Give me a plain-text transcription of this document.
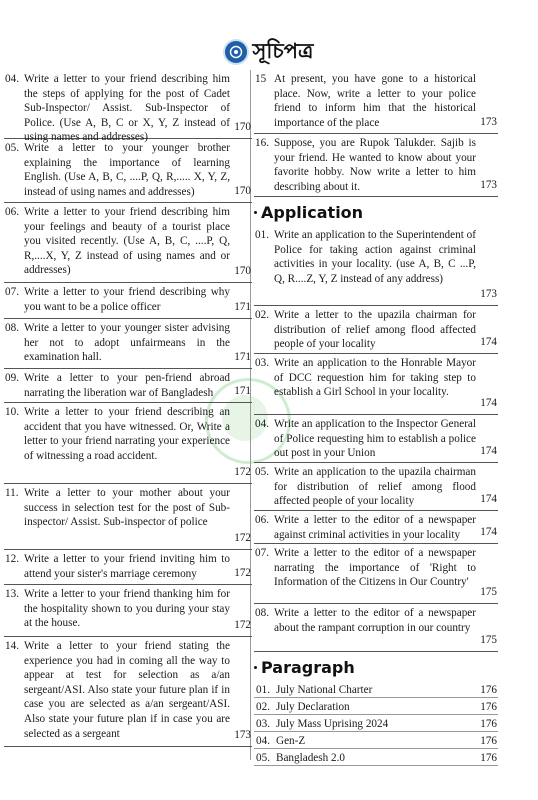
সূচিপত্র
04. Write a letter to your friend describing him the steps of applying for the post of Cadet Sub-Inspector/ Assist. Sub-Inspector of Police. (Use A, B, C or X, Y, Z instead of using names and addresses)
170
05. Write a letter to your younger brother explaining the importance of learning English. (Use A, B, C, ....P, Q, R,..... X, Y, Z, instead of using names and addresses)	170
06. Write a letter to your friend describing him your feelings and beauty of a tourist place you visited recently. (Use A, B, C, ....P, Q, R,....X, Y, Z instead of using names and or addresses)	170
07. Write a letter to your friend describing why you want to be a police officer	171
08. Write a letter to your younger sister advising her not to adopt unfairmeans in the examination hall.	171
09. Write a letter to your pen-friend abroad narrating the liberation war of Bangladesh	171
10. Write a letter to your friend describing an accident that you have witnessed. Or, Write a letter to your friend narrating your experience of witnessing a road accident.
172
11. Write a letter to your mother about your success in selection test for the post of Sub-inspector/ Assist. Sub-inspector of police
172
12. Write a letter to your friend inviting him to attend your sister's marriage ceremony	172
13. Write a letter to your friend thanking him for the hospitality shown to you during your stay at the house.	172
14. Write a letter to your friend stating the experience you had in coming all the way to appear at test for selection as a/an sergeant/ASI. Also state your future plan if in case you are selected as a/an sergeant/ASI. Also state your future plan if in case you are selected as a sergeant	173
15 At present, you have gone to a historical place. Now, write a letter to your police friend to inform him that the historical importance of the place	173
16. Suppose, you are Rupok Talukder. Sajib is your friend. He wanted to know about your favorite hobby. Now write a letter to him describing about it.	173
Application
01. Write an application to the Superintendent of Police for taking action against criminal activities in your locality. (use A, B, C ...P, Q, R....Z, Y, Z instead of any address)
173
02. Write a letter to the upazila chairman for distribution of relief among flood affected people of your locality	174
03. Write an application to the Honrable Mayor of DCC requestion him for taking step to establish a Girl School in your locality.
174
04. Write an application to the Inspector General of Police requesting him to establish a police out post in your Union	174
05. Write an application to the upazila chairman for distribution of relief among flood affected people of your locality	174
06. Write a letter to the editor of a newspaper against criminal activities in your locality	174
07. Write a letter to the editor of a newspaper narrating the importance of 'Right to Information of the Citizens in Our Country'
175
08. Write a letter to the editor of a newspaper about the rampant corruption in our country
175
Paragraph
01. July National Charter	176
02. July Declaration	176
03. July Mass Uprising 2024	176
04. Gen-Z	176
05. Bangladesh 2.0	176
